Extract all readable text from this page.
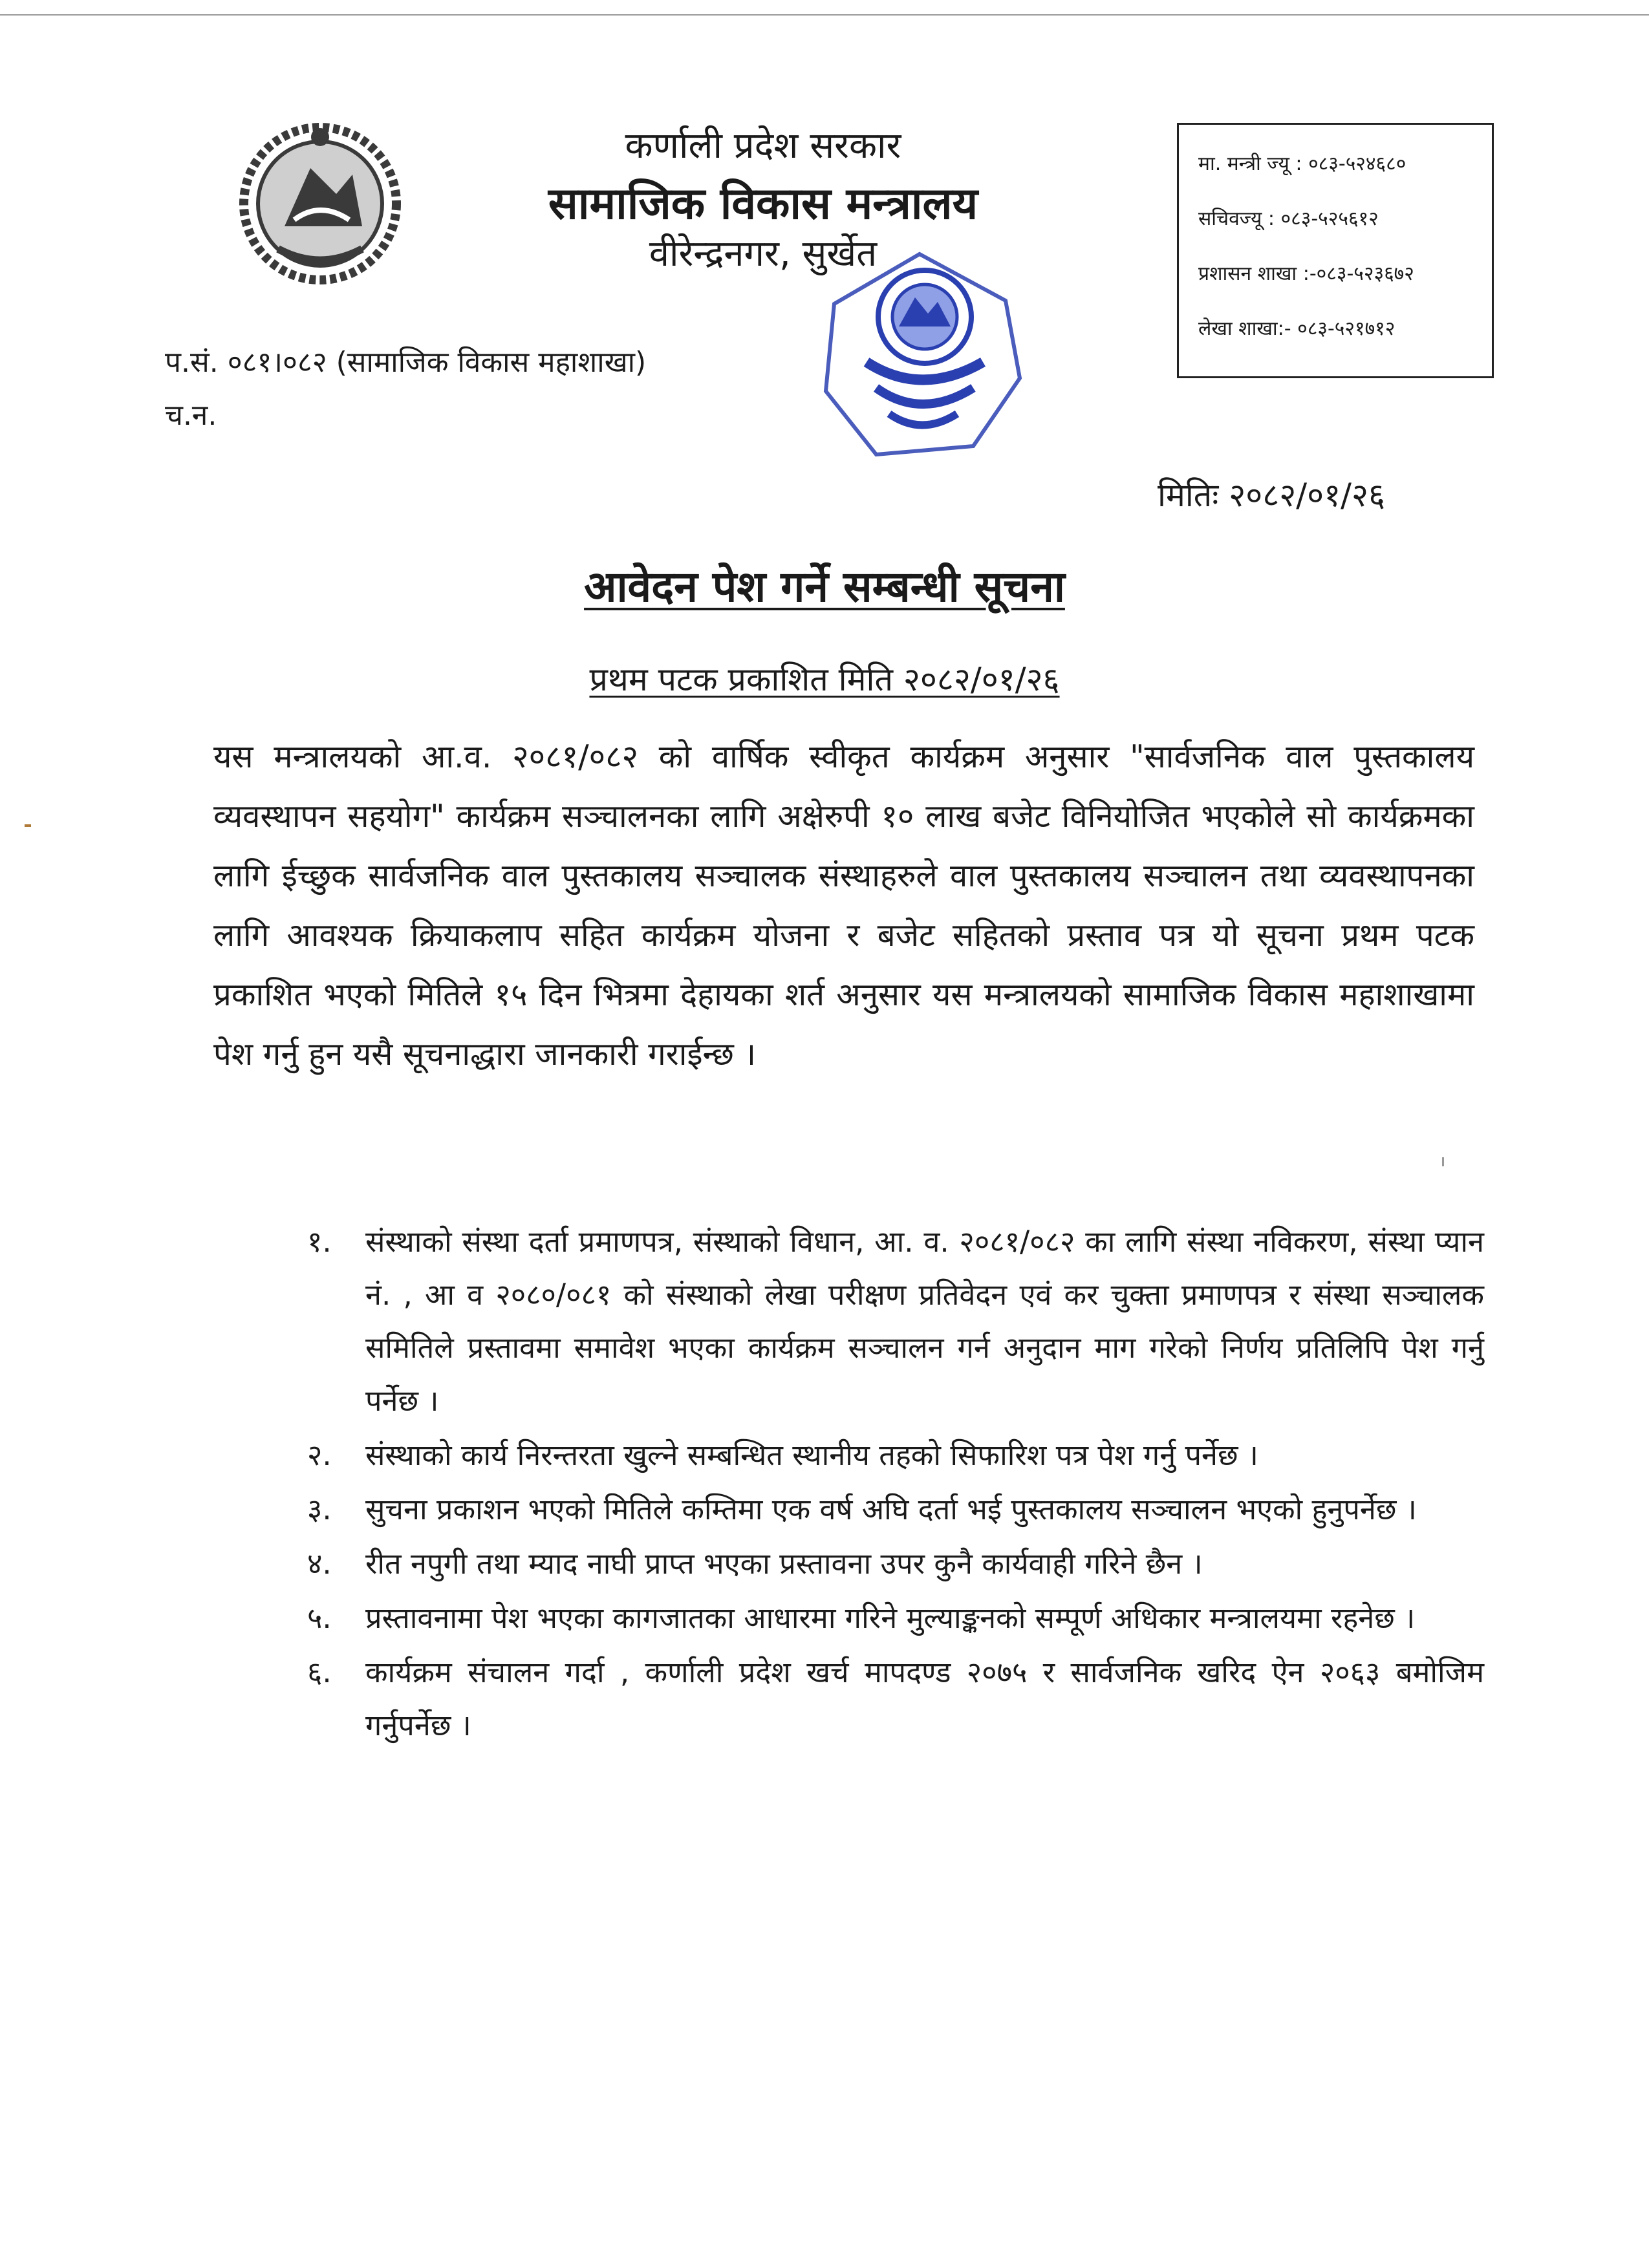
कर्णाली प्रदेश सरकार
सामाजिक विकास मन्त्रालय
वीरेन्द्रनगर, सुर्खेत
मा. मन्त्री ज्यू : ०८३-५२४६८०
सचिवज्यू : ०८३-५२५६१२
प्रशासन शाखा :-०८३-५२३६७२
लेखा शाखा:- ०८३-५२१७१२
प.सं. ०८१।०८२ (सामाजिक विकास महाशाखा)
च.न.
मितिः २०८२/०१/२६
आवेदन पेश गर्ने सम्बन्धी सूचना
प्रथम पटक प्रकाशित मिति २०८२/०१/२६

यस मन्त्रालयको आ.व. २०८१/०८२ को वार्षिक स्वीकृत कार्यक्रम अनुसार "सार्वजनिक वाल पुस्तकालय व्यवस्थापन सहयोग" कार्यक्रम सञ्चालनका लागि अक्षेरुपी १० लाख बजेट विनियोजित भएकोले सो कार्यक्रमका लागि ईच्छुक सार्वजनिक वाल पुस्तकालय सञ्चालक संस्थाहरुले वाल पुस्तकालय सञ्चालन तथा व्यवस्थापनका लागि आवश्यक क्रियाकलाप सहित कार्यक्रम योजना र बजेट सहितको प्रस्ताव पत्र यो सूचना प्रथम पटक प्रकाशित भएको मितिले १५ दिन भित्रमा देहायका शर्त अनुसार यस मन्त्रालयको सामाजिक विकास महाशाखामा पेश गर्नु हुन यसै सूचनाद्धारा जानकारी गराईन्छ ।

१. संस्थाको संस्था दर्ता प्रमाणपत्र, संस्थाको विधान, आ. व. २०८१/०८२ का लागि संस्था नविकरण, संस्था प्यान नं. , आ व २०८०/०८१ को संस्थाको लेखा परीक्षण प्रतिवेदन एवं कर चुक्ता प्रमाणपत्र र संस्था सञ्चालक समितिले प्रस्तावमा समावेश भएका कार्यक्रम सञ्चालन गर्न अनुदान माग गरेको निर्णय प्रतिलिपि पेश गर्नु पर्नेछ ।
२. संस्थाको कार्य निरन्तरता खुल्ने सम्बन्धित स्थानीय तहको सिफारिश पत्र पेश गर्नु पर्नेछ ।
३. सुचना प्रकाशन भएको मितिले कम्तिमा एक वर्ष अघि दर्ता भई पुस्तकालय सञ्चालन भएको हुनुपर्नेछ ।
४. रीत नपुगी तथा म्याद नाघी प्राप्त भएका प्रस्तावना उपर कुनै कार्यवाही गरिने छैन ।
५. प्रस्तावनामा पेश भएका कागजातका आधारमा गरिने मुल्याङ्कनको सम्पूर्ण अधिकार मन्त्रालयमा रहनेछ ।
६. कार्यक्रम संचालन गर्दा , कर्णाली प्रदेश खर्च मापदण्ड २०७५ र सार्वजनिक खरिद ऐन २०६३ बमोजिम गर्नुपर्नेछ ।
